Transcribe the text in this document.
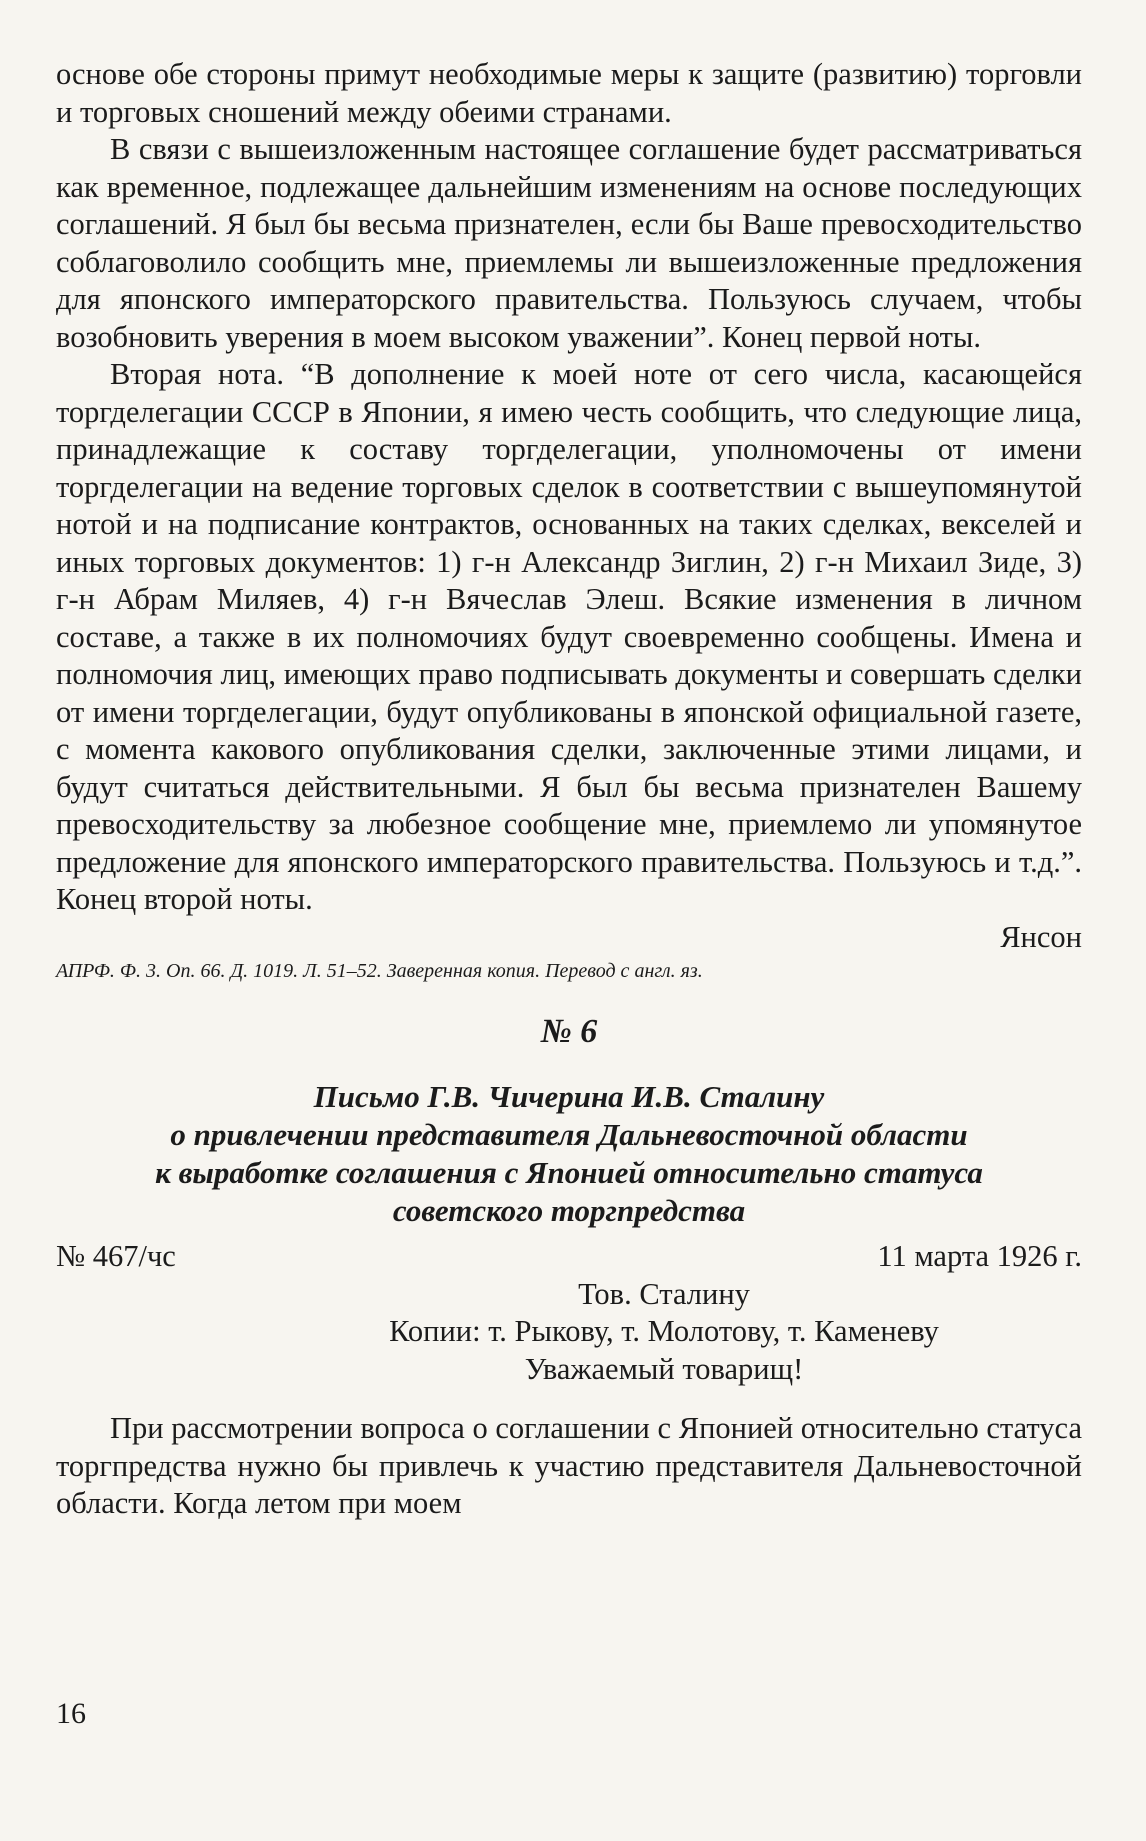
основе обе стороны примут необходимые меры к защите (развитию) торговли и торговых сношений между обеими странами.

В связи с вышеизложенным настоящее соглашение будет рассматриваться как временное, подлежащее дальнейшим изменениям на основе последующих соглашений. Я был бы весьма признателен, если бы Ваше превосходительство соблаговолило сообщить мне, приемлемы ли вышеизложенные предложения для японского императорского правительства. Пользуюсь случаем, чтобы возобновить уверения в моем высоком уважении”. Конец первой ноты.

Вторая нота. “В дополнение к моей ноте от сего числа, касающейся торгделегации СССР в Японии, я имею честь сообщить, что следующие лица, принадлежащие к составу торгделегации, уполномочены от имени торгделегации на ведение торговых сделок в соответствии с вышеупомянутой нотой и на подписание контрактов, основанных на таких сделках, векселей и иных торговых документов: 1) г-н Александр Зиглин, 2) г-н Михаил Зиде, 3) г-н Абрам Миляев, 4) г-н Вячеслав Элеш. Всякие изменения в личном составе, а также в их полномочиях будут своевременно сообщены. Имена и полномочия лиц, имеющих право подписывать документы и совершать сделки от имени торгделегации, будут опубликованы в японской официальной газете, с момента какового опубликования сделки, заключенные этими лицами, и будут считаться действительными. Я был бы весьма признателен Вашему превосходительству за любезное сообщение мне, приемлемо ли упомянутое предложение для японского императорского правительства. Пользуюсь и т.д.”. Конец второй ноты.

Янсон

АПРФ. Ф. 3. Оп. 66. Д. 1019. Л. 51–52. Заверенная копия. Перевод с англ. яз.

№ 6
Письмо Г.В. Чичерина И.В. Сталину
о привлечении представителя Дальневосточной области
к выработке соглашения с Японией относительно статуса
советского торгпредства
№ 467/чс	11 марта 1926 г.
Тов. Сталину
Копии: т. Рыкову, т. Молотову, т. Каменеву
Уважаемый товарищ!

При рассмотрении вопроса о соглашении с Японией относительно статуса торгпредства нужно бы привлечь к участию представителя Дальневосточной области. Когда летом при моем

16
